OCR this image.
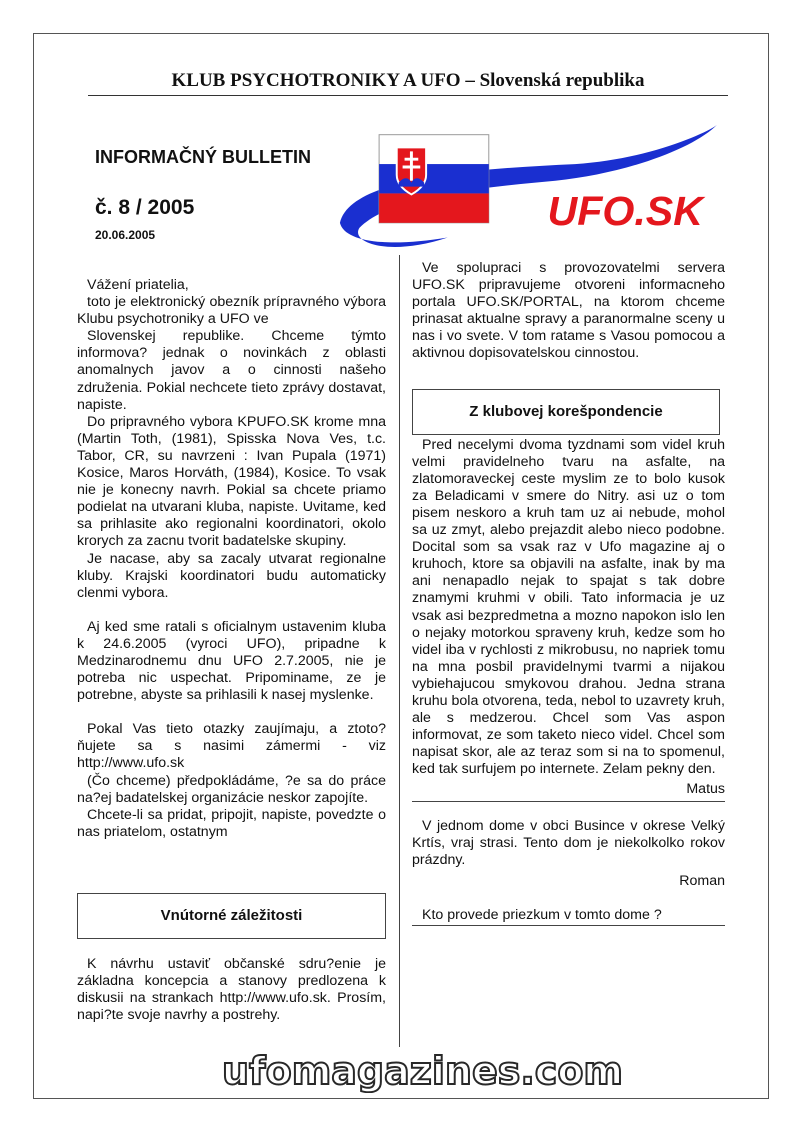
KLUB PSYCHOTRONIKY A UFO – Slovenská republika
INFORMAČNÝ BULLETIN
č. 8 / 2005
20.06.2005
UFO.SK

Vážení priatelia,

toto je elektronický obezník prípravného výbora Klubu psychotroniky a UFO ve

Slovenskej republike. Chceme týmto informova? jednak o novinkách z oblasti anomalnych javov a o cinnosti našeho združenia. Pokial nechcete tieto zprávy dostavat, napiste.

Do pripravného vybora KPUFO.SK krome mna (Martin Toth, (1981), Spisska Nova Ves, t.c. Tabor, CR, su navrzeni : Ivan Pupala (1971) Kosice, Maros Horváth, (1984), Kosice. To vsak nie je konecny navrh. Pokial sa chcete priamo podielat na utvarani kluba, napiste. Uvitame, ked sa prihlasite ako regionalni koordinatori, okolo krorych za zacnu tvorit badatelske skupiny.

Je nacase, aby sa zacaly utvarat regionalne kluby. Krajski koordinatori budu automaticky clenmi vybora.

Aj ked sme ratali s oficialnym ustavenim kluba k 24.6.2005 (vyroci UFO), pripadne k Medzinarodnemu dnu UFO 2.7.2005, nie je potreba nic uspechat. Pripominame, ze je potrebne, abyste sa prihlasili k nasej myslenke.

Pokal Vas tieto otazky zaujímaju, a ztoto?ňujete sa s nasimi zámermi - viz http://www.ufo.sk

(Čo chceme) předpokládáme, ?e sa do práce na?ej badatelskej organizácie neskor zapojíte.

Chcete-li sa pridat, pripojit, napiste, povedzte o nas priatelom, ostatnym

Vnútorné záležitosti

K návrhu ustaviť občanské sdru?enie je základna koncepcia a stanovy predlozena k diskusii na strankach http://www.ufo.sk. Prosím, napi?te svoje navrhy a postrehy.

Ve spolupraci s provozovatelmi servera UFO.SK pripravujeme otvoreni informacneho portala UFO.SK/PORTAL, na ktorom chceme prinasat aktualne spravy a paranormalne sceny u nas i vo svete. V tom ratame s Vasou pomocou a aktivnou dopisovatelskou cinnostou.

Z klubovej korešpondencie

Pred necelymi dvoma tyzdnami som videl kruh velmi pravidelneho tvaru na asfalte, na zlatomoraveckej ceste myslim ze to bolo kusok za Beladicami v smere do Nitry. asi uz o tom pisem neskoro a kruh tam uz ai nebude, mohol sa uz zmyt, alebo prejazdit alebo nieco podobne. Docital som sa vsak raz v Ufo magazine aj o kruhoch, ktore sa objavili na asfalte, inak by ma ani nenapadlo nejak to spajat s tak dobre znamymi kruhmi v obili. Tato informacia je uz vsak asi bezpredmetna a mozno napokon islo len o nejaky motorkou spraveny kruh, kedze som ho videl iba v rychlosti z mikrobusu, no napriek tomu na mna posbil pravidelnymi tvarmi a nijakou vybiehajucou smykovou drahou. Jedna strana kruhu bola otvorena, teda, nebol to uzavrety kruh, ale s medzerou. Chcel som Vas aspon informovat, ze som taketo nieco videl. Chcel som napisat skor, ale az teraz som si na to spomenul, ked tak surfujem po internete. Zelam pekny den.

Matus

V jednom dome v obci Busince v okrese Velký Krtís, vraj strasi. Tento dom je niekolkolko rokov prázdny.

Roman
Kto provede priezkum v tomto dome ?
ufomagazines.com
